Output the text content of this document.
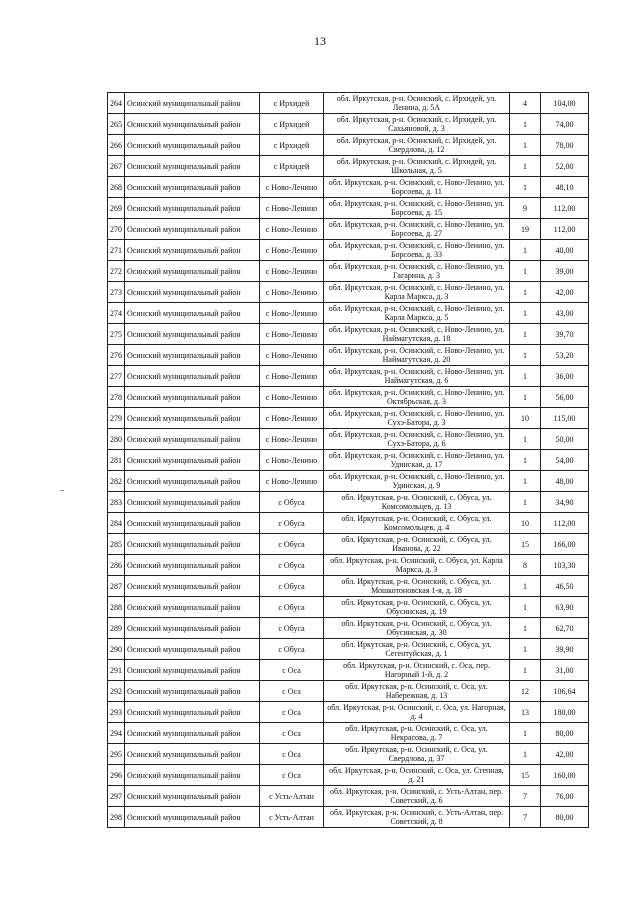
13
264	Осинский муниципальный район	с Ирхидей	обл. Иркутская, р-н. Осинский, с. Ирхидей, ул. Ленина, д. 5А	4	104,00
265	Осинский муниципальный район	с Ирхидей	обл. Иркутская, р-н. Осинский, с. Ирхидей, ул. Сахьяновой, д. 3	1	74,00
266	Осинский муниципальный район	с Ирхидей	обл. Иркутская, р-н. Осинский, с. Ирхидей, ул. Свердлова, д. 12	1	78,00
267	Осинский муниципальный район	с Ирхидей	обл. Иркутская, р-н. Осинский, с. Ирхидей, ул. Школьная, д. 5	1	52,00
268	Осинский муниципальный район	с Ново-Ленино	обл. Иркутская, р-н. Осинский, с. Ново-Ленино, ул. Борсоева, д. 11	1	48,10
269	Осинский муниципальный район	с Ново-Ленино	обл. Иркутская, р-н. Осинский, с. Ново-Ленино, ул. Борсоева, д. 15	9	112,00
270	Осинский муниципальный район	с Ново-Ленино	обл. Иркутская, р-н. Осинский, с. Ново-Ленино, ул. Борсоева, д. 27	19	112,00
271	Осинский муниципальный район	с Ново-Ленино	обл. Иркутская, р-н. Осинский, с. Ново-Ленино, ул. Борсоева, д. 33	1	40,00
272	Осинский муниципальный район	с Ново-Ленино	обл. Иркутская, р-н. Осинский, с. Ново-Ленино, ул. Гагарина, д. 3	1	39,00
273	Осинский муниципальный район	с Ново-Ленино	обл. Иркутская, р-н. Осинский, с. Ново-Ленино, ул. Карла Маркса, д. 3	1	42,00
274	Осинский муниципальный район	с Ново-Ленино	обл. Иркутская, р-н. Осинский, с. Ново-Ленино, ул. Карла Маркса, д. 5	1	43,00
275	Осинский муниципальный район	с Ново-Ленино	обл. Иркутская, р-н. Осинский, с. Ново-Ленино, ул. Наймагутская, д. 18	1	39,70
276	Осинский муниципальный район	с Ново-Ленино	обл. Иркутская, р-н. Осинский, с. Ново-Ленино, ул. Наймагутская, д. 20	1	53,20
277	Осинский муниципальный район	с Ново-Ленино	обл. Иркутская, р-н. Осинский, с. Ново-Ленино, ул. Наймагутская, д. 6	1	36,00
278	Осинский муниципальный район	с Ново-Ленино	обл. Иркутская, р-н. Осинский, с. Ново-Ленино, ул. Октябрьская, д. 3	1	56,00
279	Осинский муниципальный район	с Ново-Ленино	обл. Иркутская, р-н. Осинский, с. Ново-Ленино, ул. Сухэ-Батора, д. 3	10	115,00
280	Осинский муниципальный район	с Ново-Ленино	обл. Иркутская, р-н. Осинский, с. Ново-Ленино, ул. Сухэ-Батора, д. 6	1	50,00
281	Осинский муниципальный район	с Ново-Ленино	обл. Иркутская, р-н. Осинский, с. Ново-Ленино, ул. Удинская, д. 17	1	54,00
282	Осинский муниципальный район	с Ново-Ленино	обл. Иркутская, р-н. Осинский, с. Ново-Ленино, ул. Удинская, д. 9	1	48,00
283	Осинский муниципальный район	с Обуса	обл. Иркутская, р-н. Осинский, с. Обуса, ул. Комсомольцев, д. 13	1	34,90
284	Осинский муниципальный район	с Обуса	обл. Иркутская, р-н. Осинский, с. Обуса, ул. Комсомольцев, д. 4	10	112,00
285	Осинский муниципальный район	с Обуса	обл. Иркутская, р-н. Осинский, с. Обуса, ул. Иванова, д. 22	15	166,00
286	Осинский муниципальный район	с Обуса	обл. Иркутская, р-н. Осинский, с. Обуса, ул. Карла Маркса, д. 3	8	103,30
287	Осинский муниципальный район	с Обуса	обл. Иркутская, р-н. Осинский, с. Обуса, ул. Мошкотоновская 1-я, д. 18	1	46,50
288	Осинский муниципальный район	с Обуса	обл. Иркутская, р-н. Осинский, с. Обуса, ул. Обусинская, д. 19	1	63,90
289	Осинский муниципальный район	с Обуса	обл. Иркутская, р-н. Осинский, с. Обуса, ул. Обусинская, д. 30	1	62,70
290	Осинский муниципальный район	с Обуса	обл. Иркутская, р-н. Осинский, с. Обуса, ул. Сегентуйская, д. 1	1	39,90
291	Осинский муниципальный район	с Оса	обл. Иркутская, р-н. Осинский, с. Оса, пер. Нагорный 1-й, д. 2	1	31,00
292	Осинский муниципальный район	с Оса	обл. Иркутская, р-н. Осинский, с. Оса, ул. Набережная, д. 13	12	106,64
293	Осинский муниципальный район	с Оса	обл. Иркутская, р-н. Осинский, с. Оса, ул. Нагорная, д. 4	13	180,00
294	Осинский муниципальный район	с Оса	обл. Иркутская, р-н. Осинский, с. Оса, ул. Некрасова, д. 7	1	80,00
295	Осинский муниципальный район	с Оса	обл. Иркутская, р-н. Осинский, с. Оса, ул. Свердлова, д. 37	1	42,00
296	Осинский муниципальный район	с Оса	обл. Иркутская, р-н. Осинский, с. Оса, ул. Степная, д. 21	15	160,00
297	Осинский муниципальный район	с Усть-Алтан	обл. Иркутская, р-н. Осинский, с. Усть-Алтан, пер. Советский, д. 6	7	76,00
298	Осинский муниципальный район	с Усть-Алтан	обл. Иркутская, р-н. Осинский, с. Усть-Алтан, пер. Советский, д. 8	7	80,00
